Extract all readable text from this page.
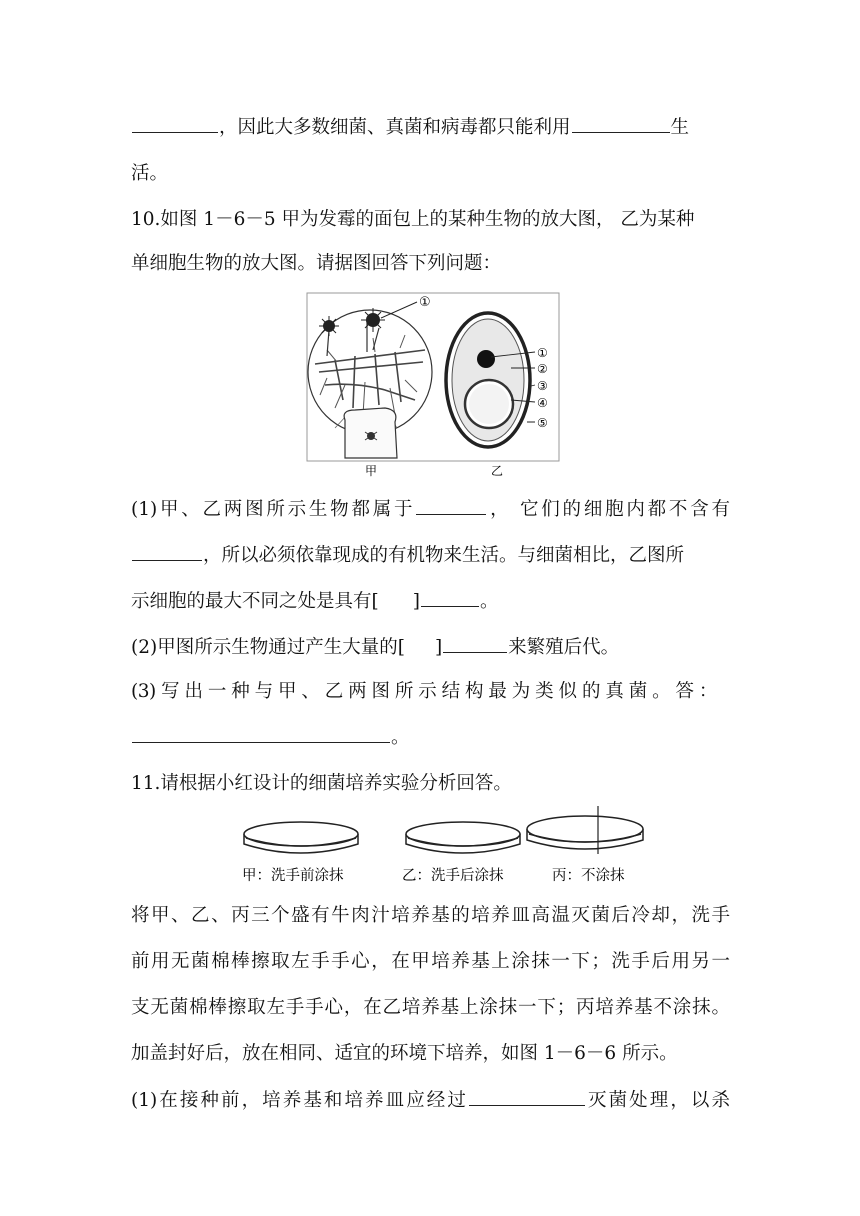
，因此大多数细菌、真菌和病毒都只能利用	生
活。
10.如图 1－6－5 甲为发霉的面包上的某种生物的放大图， 乙为某种
单细胞生物的放大图。请据图回答下列问题：
①
①
②
③
④
⑤
甲	乙
(1)甲、乙两图所示生物都属于	， 它们的细胞内都不含有
，所以必须依靠现成的有机物来生活。与细菌相比，乙图所
示细胞的最大不同之处是具有[ ]	。
(2)甲图所示生物通过产生大量的[ ]	来繁殖后代。
(3) 写 出 一 种 与 甲 、 乙 两 图 所 示 结 构 最 为 类 似 的 真 菌 。 答 ：
。
11.请根据小红设计的细菌培养实验分析回答。
甲：洗手前涂抹	乙：洗手后涂抹	丙：不涂抹
将甲、乙、丙三个盛有牛肉汁培养基的培养皿高温灭菌后冷却，洗手
前用无菌棉棒擦取左手手心，在甲培养基上涂抹一下；洗手后用另一
支无菌棉棒擦取左手手心，在乙培养基上涂抹一下；丙培养基不涂抹。
加盖封好后，放在相同、适宜的环境下培养，如图 1－6－6 所示。
(1)在接种前，培养基和培养皿应经过	灭菌处理，以杀
